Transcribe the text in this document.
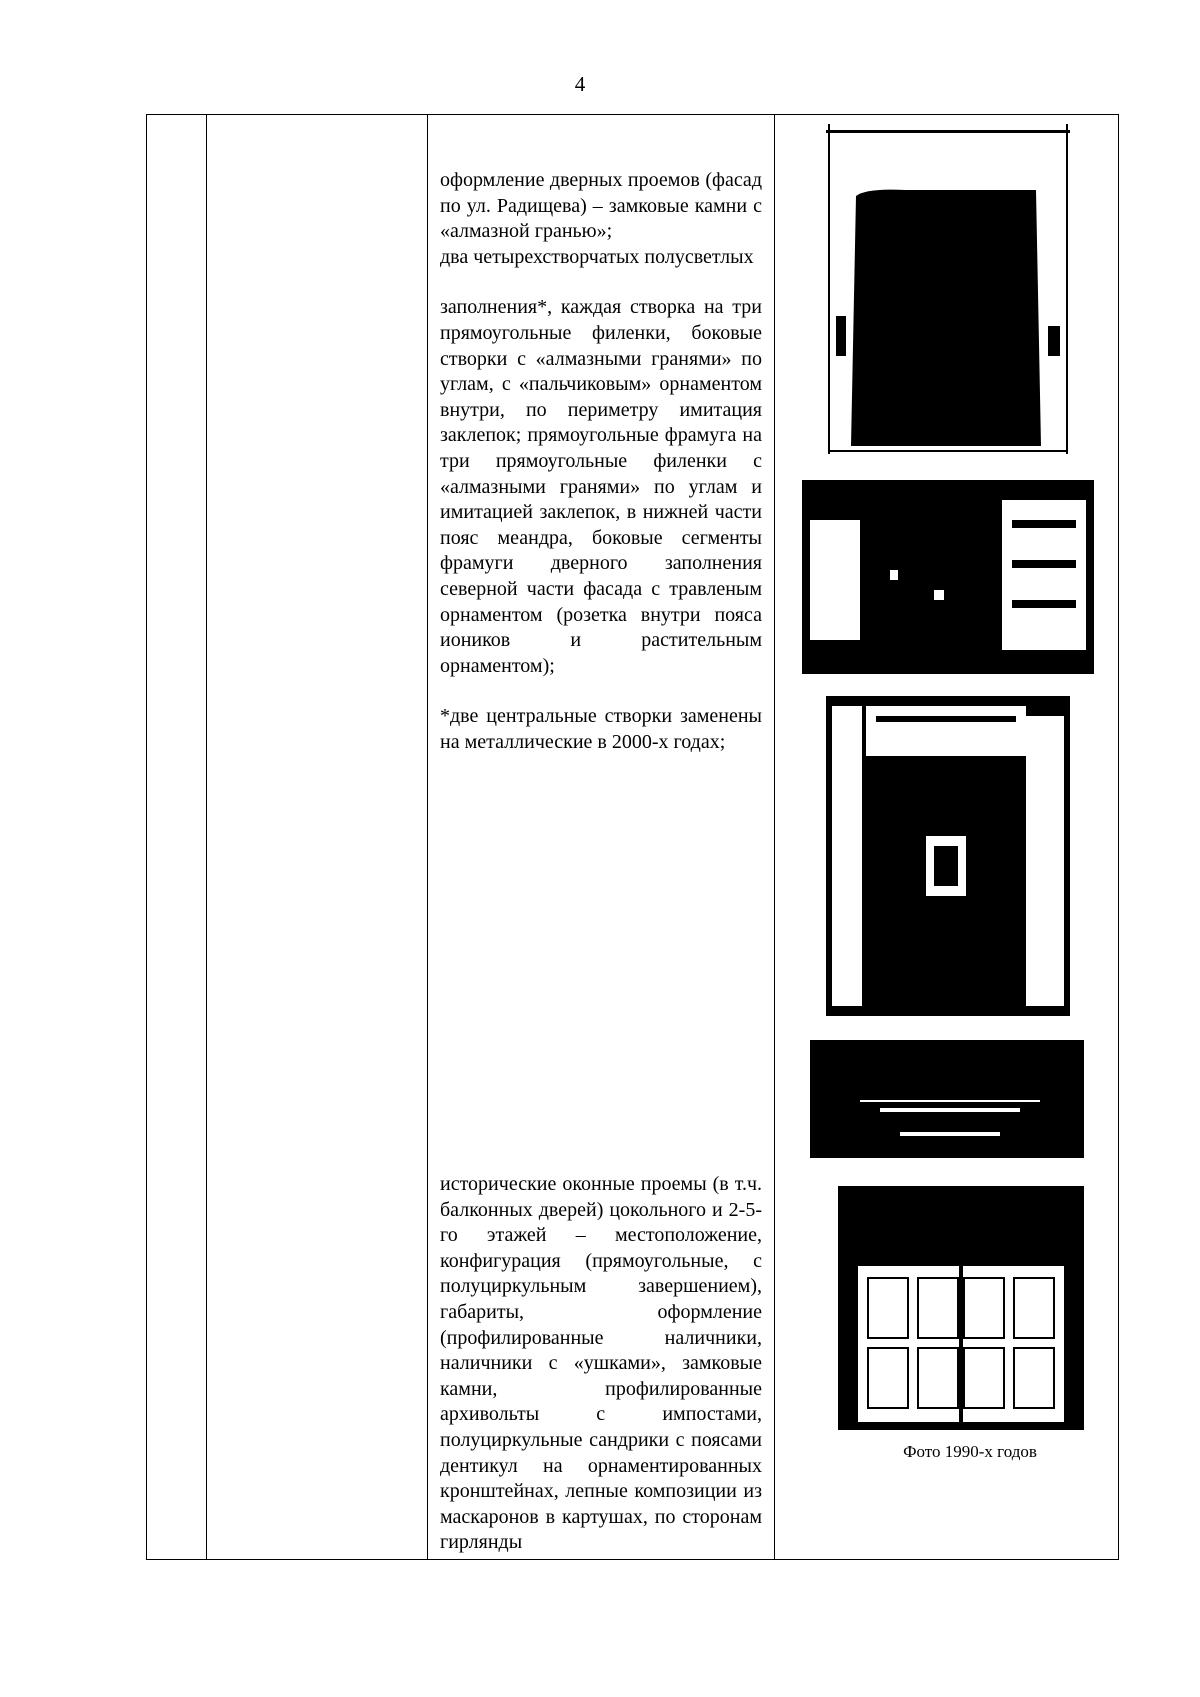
4

оформление дверных проемов (фасад по ул. Радищева) – замковые камни с «алмазной гранью»;

два четырехстворчатых полусветлых

заполнения*, каждая створка на три прямоугольные филенки, боковые створки с «алмазными гранями» по углам, с «пальчиковым» орнаментом внутри, по периметру имитация заклепок; прямоугольные фрамуга на три прямоугольные филенки с «алмазными гранями» по углам и имитацией заклепок, в нижней части пояс меандра, боковые сегменты фрамуги дверного заполнения северной части фасада с травленым орнаментом (розетка внутри пояса иоников и растительным орнаментом);

*две центральные створки заменены на металлические в 2000-х годах;

исторические оконные проемы (в т.ч. балконных дверей) цокольного и 2-5-го этажей – местоположение, конфигурация (прямоугольные, с полуциркульным завершением), габариты, оформление (профилированные наличники, наличники с «ушками», замковые камни, профилированные архивольты с импостами, полуциркульные сандрики с поясами дентикул на орнаментированных кронштейнах, лепные композиции из маскаронов в картушах, по сторонам гирлянды

Фото 1990-х годов
